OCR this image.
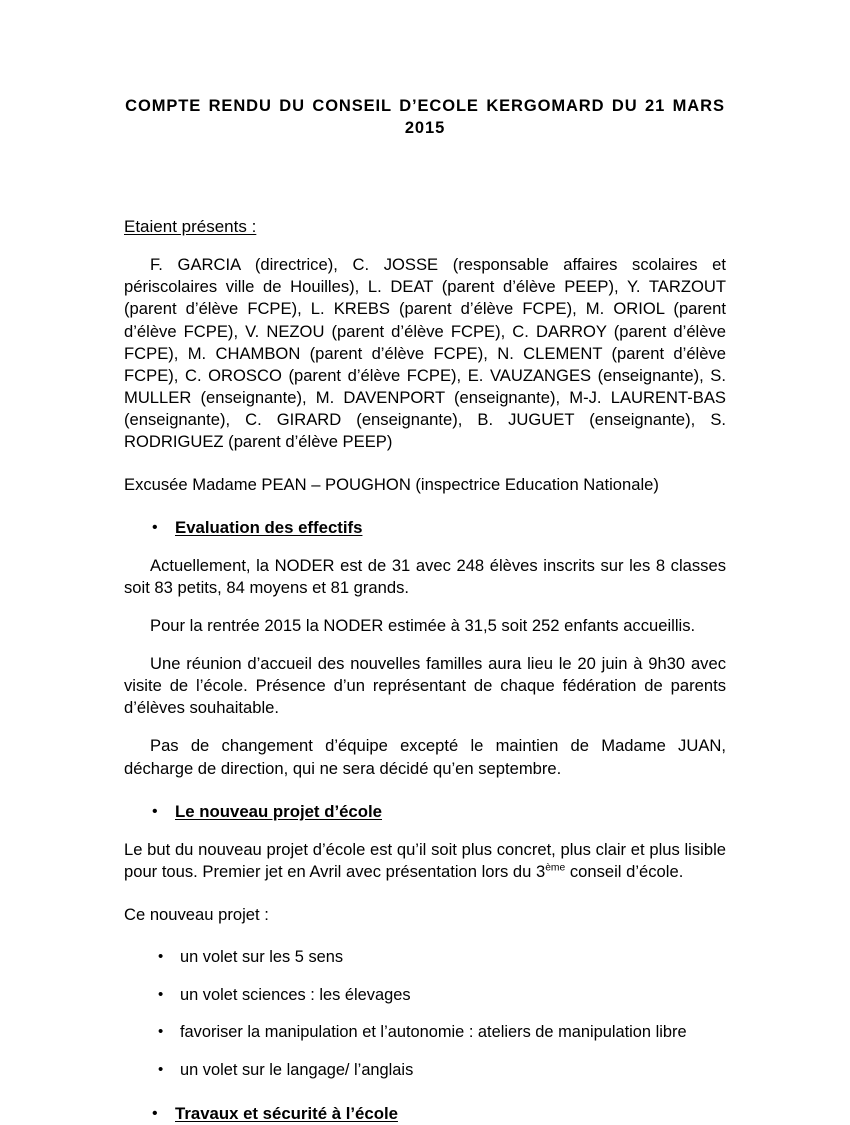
COMPTE RENDU DU CONSEIL D’ECOLE KERGOMARD DU 21 MARS 2015
Etaient présents :

F. GARCIA (directrice), C. JOSSE (responsable affaires scolaires et périscolaires ville de Houilles), L. DEAT (parent d’élève PEEP), Y. TARZOUT (parent d’élève FCPE), L. KREBS (parent d’élève FCPE), M. ORIOL (parent d’élève FCPE), V. NEZOU (parent d’élève FCPE), C. DARROY (parent d’élève FCPE), M. CHAMBON (parent d’élève FCPE), N. CLEMENT (parent d’élève FCPE), C. OROSCO (parent d’élève FCPE), E. VAUZANGES (enseignante), S. MULLER (enseignante), M. DAVENPORT (enseignante), M-J. LAURENT-BAS (enseignante), C. GIRARD (enseignante), B. JUGUET (enseignante), S. RODRIGUEZ (parent d’élève PEEP)

Excusée Madame PEAN – POUGHON (inspectrice Education Nationale)

• Evaluation des effectifs

Actuellement, la NODER est de 31 avec 248 élèves inscrits sur les 8 classes soit 83 petits, 84 moyens et 81 grands.

Pour la rentrée 2015 la NODER estimée à 31,5 soit 252 enfants accueillis.

Une réunion d’accueil des nouvelles familles aura lieu le 20 juin à 9h30 avec visite de l’école. Présence d’un représentant de chaque fédération de parents d’élèves souhaitable.

Pas de changement d’équipe excepté le maintien de Madame JUAN, décharge de direction, qui ne sera décidé qu’en septembre.

• Le nouveau projet d’école

Le but du nouveau projet d’école est qu’il soit plus concret, plus clair et plus lisible pour tous. Premier jet en Avril avec présentation lors du 3ème conseil d’école.

Ce nouveau projet :

• un volet sur les 5 sens
• un volet sciences : les élevages
• favoriser la manipulation et l’autonomie : ateliers de manipulation libre
• un volet sur le langage/ l’anglais
• Travaux et sécurité à l’école
